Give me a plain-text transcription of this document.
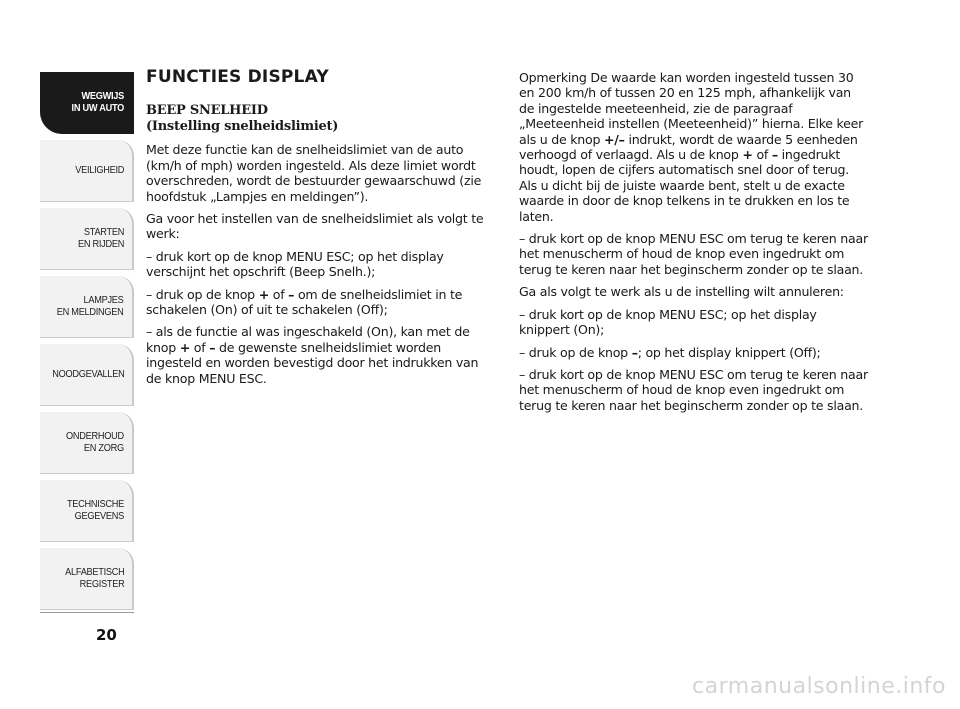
WEGWIJS
IN UW AUTO
VEILIGHEID
STARTEN
EN RIJDEN
LAMPJES
EN MELDINGEN
NOODGEVALLEN
ONDERHOUD
EN ZORG
TECHNISCHE
GEGEVENS
ALFABETISCH
REGISTER
20
FUNCTIES DISPLAY
BEEP SNELHEID
(Instelling snelheidslimiet)

Met deze functie kan de snelheidslimiet van de auto (km/h of mph) worden ingesteld. Als deze limiet wordt overschreden, wordt de bestuurder gewaarschuwd (zie hoofdstuk „Lampjes en meldingen”).

Ga voor het instellen van de snelheidslimiet als volgt te werk:

– druk kort op de knop MENU ESC; op het display verschijnt het opschrift (Beep Snelh.);

– druk op de knop + of – om de snelheidslimiet in te schakelen (On) of uit te schakelen (Off);

– als de functie al was ingeschakeld (On), kan met de knop + of – de gewenste snelheidslimiet worden ingesteld en worden bevestigd door het indrukken van de knop MENU ESC.

Opmerking De waarde kan worden ingesteld tussen 30 en 200 km/h of tussen 20 en 125 mph, afhankelijk van de ingestelde meeteenheid, zie de paragraaf „Meeteenheid instellen (Meeteenheid)” hierna. Elke keer als u de knop +/– indrukt, wordt de waarde 5 eenheden verhoogd of verlaagd. Als u de knop + of – ingedrukt houdt, lopen de cijfers automatisch snel door of terug. Als u dicht bij de juiste waarde bent, stelt u de exacte waarde in door de knop telkens in te drukken en los te laten.

– druk kort op de knop MENU ESC om terug te keren naar het menuscherm of houd de knop even ingedrukt om terug te keren naar het beginscherm zonder op te slaan.

Ga als volgt te werk als u de instelling wilt annuleren:

– druk kort op de knop MENU ESC; op het display knippert (On);

– druk op de knop –; op het display knippert (Off);

– druk kort op de knop MENU ESC om terug te keren naar het menuscherm of houd de knop even ingedrukt om terug te keren naar het beginscherm zonder op te slaan.

carmanualsonline.info
